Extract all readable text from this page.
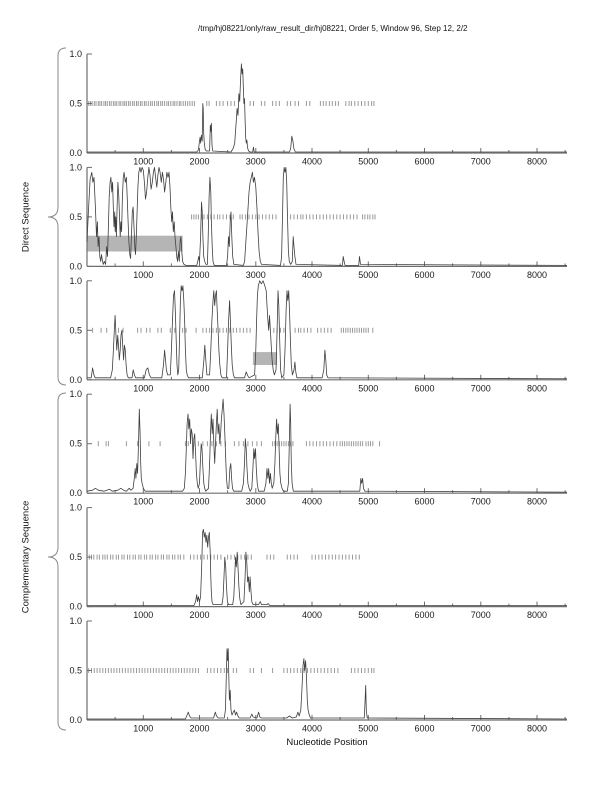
/tmp/hj08221/only/raw_result_dir/hj08221, Order 5, Window 96, Step 12, 2/2
Direct Sequence
Complementary Sequence
Nucleotide Position
0.0
0.5
1.0
1000	2000	3000	4000	5000	6000	7000	8000
0.0
0.5
1.0
1000	2000	3000	4000	5000	6000	7000	8000
0.0
0.5
1.0
1000	2000	3000	4000	5000	6000	7000	8000
0.0
0.5
1.0
1000	2000	3000	4000	5000	6000	7000	8000
0.0
0.5
1.0
1000	2000	3000	4000	5000	6000	7000	8000
0.0
0.5
1.0
1000	2000	3000	4000	5000	6000	7000	8000
